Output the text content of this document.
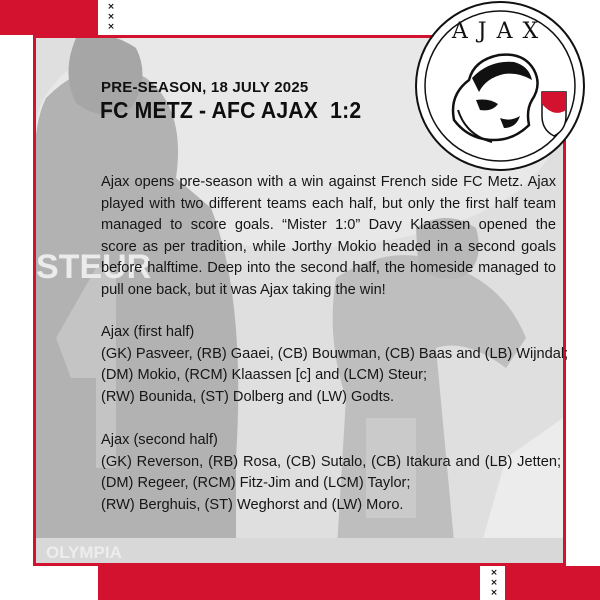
×
×
×	AJAX
PRE-SEASON, 18 JULY 2025
FC METZ - AFC AJAX  1:2

Ajax opens pre-season with a win against French side FC Metz. Ajax played with two different teams each half, but only the first half team managed to score goals. “Mister 1:0” Davy Klaassen opened the score as per tradition, while Jorthy Mokio headed in a second goals before halftime. Deep into the second half, the homeside managed to pull one back, but it was Ajax taking the win!

Ajax (first half)
(GK) Pasveer, (RB) Gaaei, (CB) Bouwman, (CB) Baas and (LB) Wijndal;
(DM) Mokio, (RCM) Klaassen [c] and (LCM) Steur;
(RW) Bounida, (ST) Dolberg and (LW) Godts.
Ajax (second half)
(GK) Reverson, (RB) Rosa, (CB) Sutalo, (CB) Itakura and (LB) Jetten;
(DM) Regeer, (RCM) Fitz-Jim and (LCM) Taylor;
(RW) Berghuis, (ST) Weghorst and (LW) Moro.
×
×
×
